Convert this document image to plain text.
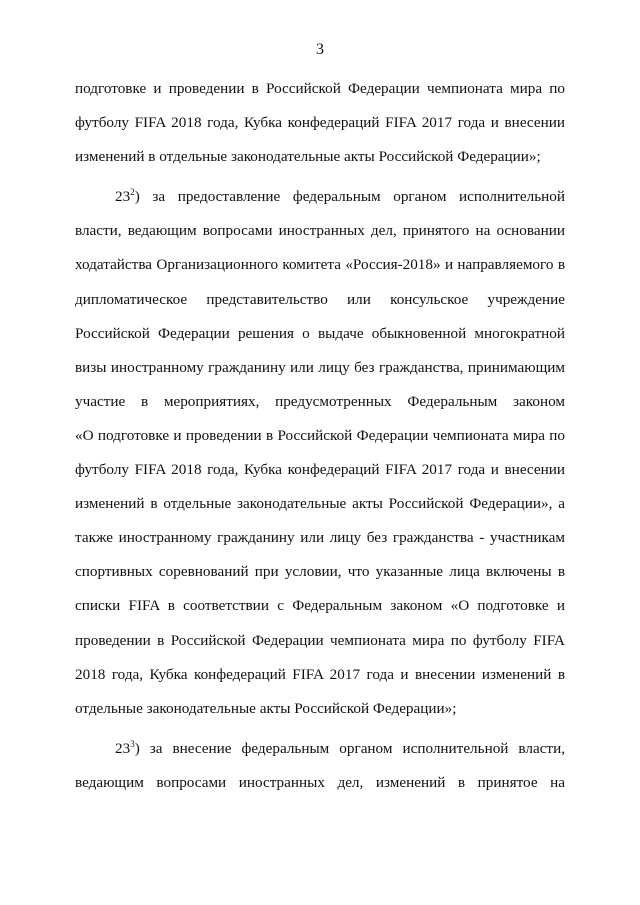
3
подготовке и проведении в Российской Федерации чемпионата мира по
футболу FIFA 2018 года, Кубка конфедераций FIFA 2017 года и внесении
изменений в отдельные законодательные акты Российской Федерации»;
$23^2$) за предоставление федеральным органом исполнительной
власти, ведающим вопросами иностранных дел, принятого на основании
ходатайства Организационного комитета «Россия-2018» и направляемого в
дипломатическое представительство или консульское учреждение
Российской Федерации решения о выдаче обыкновенной многократной
визы иностранному гражданину или лицу без гражданства, принимающим
участие в мероприятиях, предусмотренных Федеральным законом
«О подготовке и проведении в Российской Федерации чемпионата мира по
футболу FIFA 2018 года, Кубка конфедераций FIFA 2017 года и внесении
изменений в отдельные законодательные акты Российской Федерации», а
также иностранному гражданину или лицу без гражданства - участникам
спортивных соревнований при условии, что указанные лица включены в
списки FIFA в соответствии с Федеральным законом «О подготовке и
проведении в Российской Федерации чемпионата мира по футболу FIFA
2018 года, Кубка конфедераций FIFA 2017 года и внесении изменений в
отдельные законодательные акты Российской Федерации»;
$23^3$) за внесение федеральным органом исполнительной власти,
ведающим вопросами иностранных дел, изменений в принятое на
